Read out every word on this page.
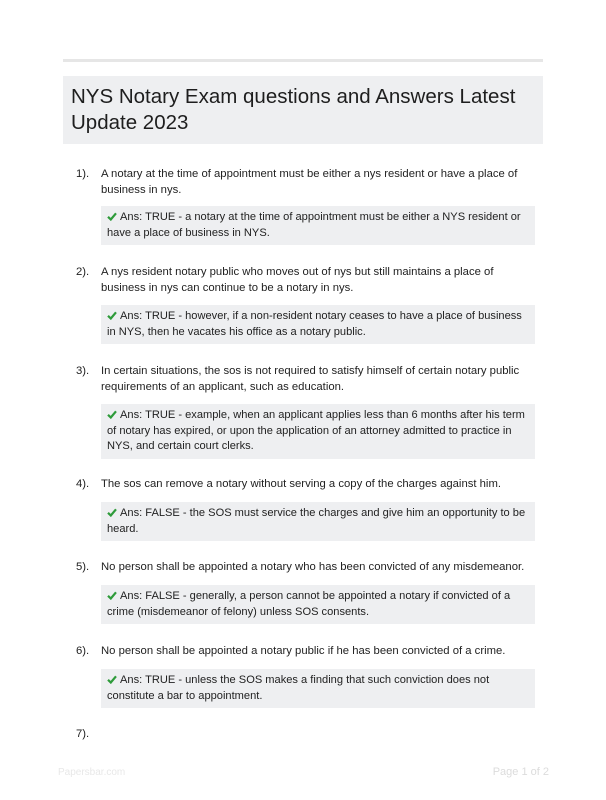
NYS Notary Exam questions and Answers Latest Update 2023
1). A notary at the time of appointment must be either a nys resident or have a place of business in nys.

Ans: TRUE - a notary at the time of appointment must be either a NYS resident or have a place of business in NYS.
2). A nys resident notary public who moves out of nys but still maintains a place of business in nys can continue to be a notary in nys.

Ans: TRUE - however, if a non-resident notary ceases to have a place of business in NYS, then he vacates his office as a notary public.
3). In certain situations, the sos is not required to satisfy himself of certain notary public requirements of an applicant, such as education.

Ans: TRUE - example, when an applicant applies less than 6 months after his term of notary has expired, or upon the application of an attorney admitted to practice in NYS, and certain court clerks.
4). The sos can remove a notary without serving a copy of the charges against him.

Ans: FALSE - the SOS must service the charges and give him an opportunity to be heard.
5). No person shall be appointed a notary who has been convicted of any misdemeanor.

Ans: FALSE - generally, a person cannot be appointed a notary if convicted of a crime (misdemeanor of felony) unless SOS consents.
6). No person shall be appointed a notary public if he has been convicted of a crime.

Ans: TRUE - unless the SOS makes a finding that such conviction does not constitute a bar to appointment.
7).

Papersbar.com	Page 1 of 2
